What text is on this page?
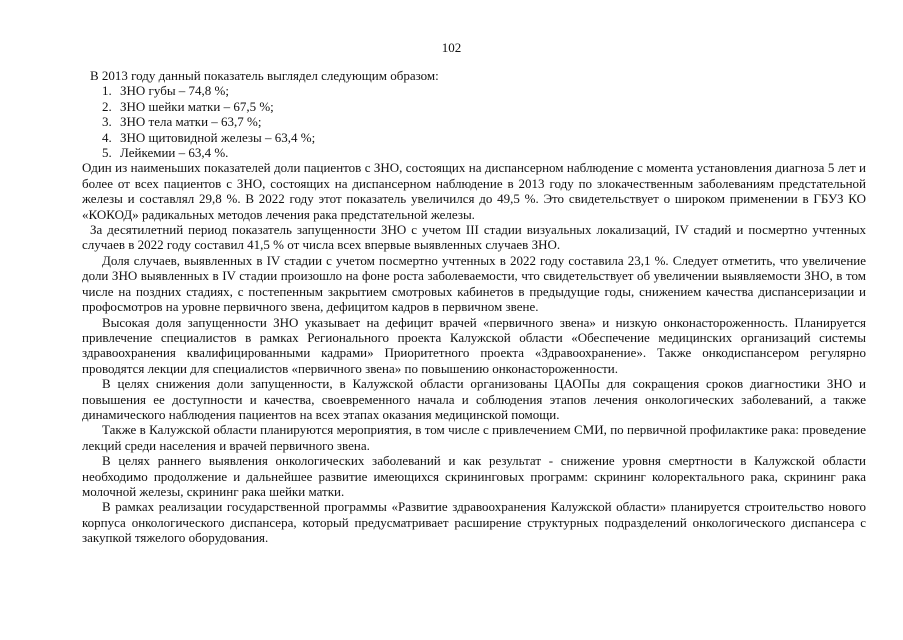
102

В 2013 году данный показатель выглядел следующим образом:

1. ЗНО губы – 74,8 %;
2. ЗНО шейки матки – 67,5 %;
3. ЗНО тела матки – 63,7 %;
4. ЗНО щитовидной железы – 63,4 %;
5. Лейкемии – 63,4 %.

Один из наименьших показателей доли пациентов с ЗНО, состоящих на диспансерном наблюдение с момента установления диагноза 5 лет и более от всех пациентов с ЗНО, состоящих на диспансерном наблюдение в 2013 году по злокачественным заболеваниям предстательной железы и составлял 29,8 %. В 2022 году этот показатель увеличился до 49,5 %. Это свидетельствует о широком применении в ГБУЗ КО «КОКОД» радикальных методов лечения рака предстательной железы.

За десятилетний период показатель запущенности ЗНО с учетом III стадии визуальных локализаций, IV стадий и посмертно учтенных случаев в 2022 году составил 41,5 % от числа всех впервые выявленных случаев ЗНО.

Доля случаев, выявленных в IV стадии с учетом посмертно учтенных в 2022 году составила 23,1 %. Следует отметить, что увеличение доли ЗНО выявленных в IV стадии произошло на фоне роста заболеваемости, что свидетельствует об увеличении выявляемости ЗНО, в том числе на поздних стадиях, с постепенным закрытием смотровых кабинетов в предыдущие годы, снижением качества диспансеризации и профосмотров на уровне первичного звена, дефицитом кадров в первичном звене.

Высокая доля запущенности ЗНО указывает на дефицит врачей «первичного звена» и низкую онконастороженность. Планируется привлечение специалистов в рамках Регионального проекта Калужской области «Обеспечение медицинских организаций системы здравоохранения квалифицированными кадрами» Приоритетного проекта «Здравоохранение». Также онкодиспансером регулярно проводятся лекции для специалистов «первичного звена» по повышению онконастороженности.

В целях снижения доли запущенности, в Калужской области организованы ЦАОПы для сокращения сроков диагностики ЗНО и повышения ее доступности и качества, своевременного начала и соблюдения этапов лечения онкологических заболеваний, а также динамического наблюдения пациентов на всех этапах оказания медицинской помощи.

Также в Калужской области планируются мероприятия, в том числе с привлечением СМИ, по первичной профилактике рака: проведение лекций среди населения и врачей первичного звена.

В целях раннего выявления онкологических заболеваний и как результат - снижение уровня смертности в Калужской области необходимо продолжение и дальнейшее развитие имеющихся скрининговых программ: скрининг колоректального рака, скрининг рака молочной железы, скрининг рака шейки матки.

В рамках реализации государственной программы «Развитие здравоохранения Калужской области» планируется строительство нового корпуса онкологического диспансера, который предусматривает расширение структурных подразделений онкологического диспансера с закупкой тяжелого оборудования.
